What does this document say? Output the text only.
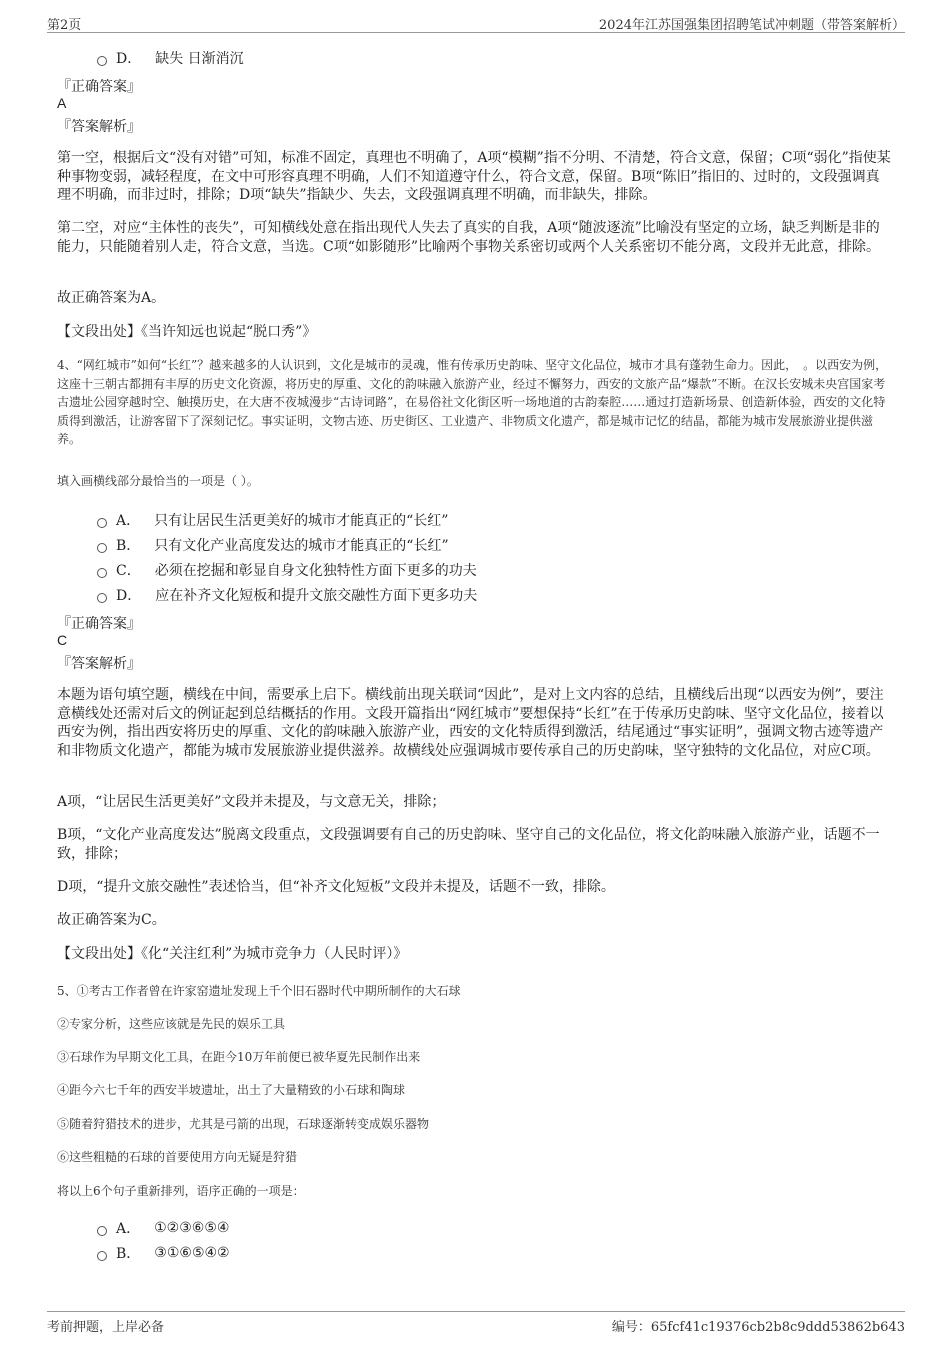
第2页	2024年江苏国强集团招聘笔试冲刺题（带答案解析）
D． 缺失 日渐消沉
『正确答案』
A
『答案解析』
第一空，根据后文“没有对错”可知，标准不固定，真理也不明确了，A项“模糊”指不分明、不清楚，符合文意，保留；C项“弱化”指使某种事物变弱，减轻程度，在文中可形容真理不明确，人们不知道遵守什么，符合文意，保留。B项“陈旧”指旧的、过时的，文段强调真理不明确，而非过时，排除；D项“缺失”指缺少、失去，文段强调真理不明确，而非缺失，排除。
第二空，对应“主体性的丧失”，可知横线处意在指出现代人失去了真实的自我，A项“随波逐流”比喻没有坚定的立场，缺乏判断是非的能力，只能随着别人走，符合文意，当选。C项“如影随形”比喻两个事物关系密切或两个人关系密切不能分离，文段并无此意，排除。
故正确答案为A。
【文段出处】《当许知远也说起“脱口秀”》
4、“网红城市”如何“长红”？越来越多的人认识到，文化是城市的灵魂，惟有传承历史韵味、坚守文化品位，城市才具有蓬勃生命力。因此，　。以西安为例，这座十三朝古都拥有丰厚的历史文化资源，将历史的厚重、文化的韵味融入旅游产业，经过不懈努力，西安的文旅产品“爆款”不断。在汉长安城未央宫国家考古遗址公园穿越时空、触摸历史，在大唐不夜城漫步“古诗词路”，在易俗社文化街区听一场地道的古韵秦腔……通过打造新场景、创造新体验，西安的文化特质得到激活，让游客留下了深刻记忆。事实证明，文物古迹、历史街区、工业遗产、非物质文化遗产，都是城市记忆的结晶，都能为城市发展旅游业提供滋养。
填入画横线部分最恰当的一项是（ ）。
A． 只有让居民生活更美好的城市才能真正的“长红”
B． 只有文化产业高度发达的城市才能真正的“长红”
C． 必须在挖掘和彰显自身文化独特性方面下更多的功夫
D． 应在补齐文化短板和提升文旅交融性方面下更多功夫
『正确答案』
C
『答案解析』
本题为语句填空题，横线在中间，需要承上启下。横线前出现关联词“因此”，是对上文内容的总结，且横线后出现“以西安为例”，要注意横线处还需对后文的例证起到总结概括的作用。文段开篇指出“网红城市”要想保持“长红”在于传承历史韵味、坚守文化品位，接着以西安为例，指出西安将历史的厚重、文化的韵味融入旅游产业，西安的文化特质得到激活，结尾通过“事实证明”，强调文物古迹等遗产和非物质文化遗产，都能为城市发展旅游业提供滋养。故横线处应强调城市要传承自己的历史韵味，坚守独特的文化品位，对应C项。
A项，“让居民生活更美好”文段并未提及，与文意无关，排除；
B项，“文化产业高度发达”脱离文段重点，文段强调要有自己的历史韵味、坚守自己的文化品位，将文化韵味融入旅游产业，话题不一致，排除；
D项，“提升文旅交融性”表述恰当，但“补齐文化短板”文段并未提及，话题不一致，排除。
故正确答案为C。
【文段出处】《化“关注红利”为城市竞争力（人民时评）》
5、①考古工作者曾在许家窑遗址发现上千个旧石器时代中期所制作的大石球
②专家分析，这些应该就是先民的娱乐工具
③石球作为早期文化工具，在距今10万年前便已被华夏先民制作出来
④距今六七千年的西安半坡遗址，出土了大量精致的小石球和陶球
⑤随着狩猎技术的进步，尤其是弓箭的出现，石球逐渐转变成娱乐器物
⑥这些粗糙的石球的首要使用方向无疑是狩猎
将以上6个句子重新排列，语序正确的一项是：
A． ①②③⑥⑤④
B． ③①⑥⑤④②
考前押题，上岸必备	编号：65fcf41c19376cb2b8c9ddd53862b643
